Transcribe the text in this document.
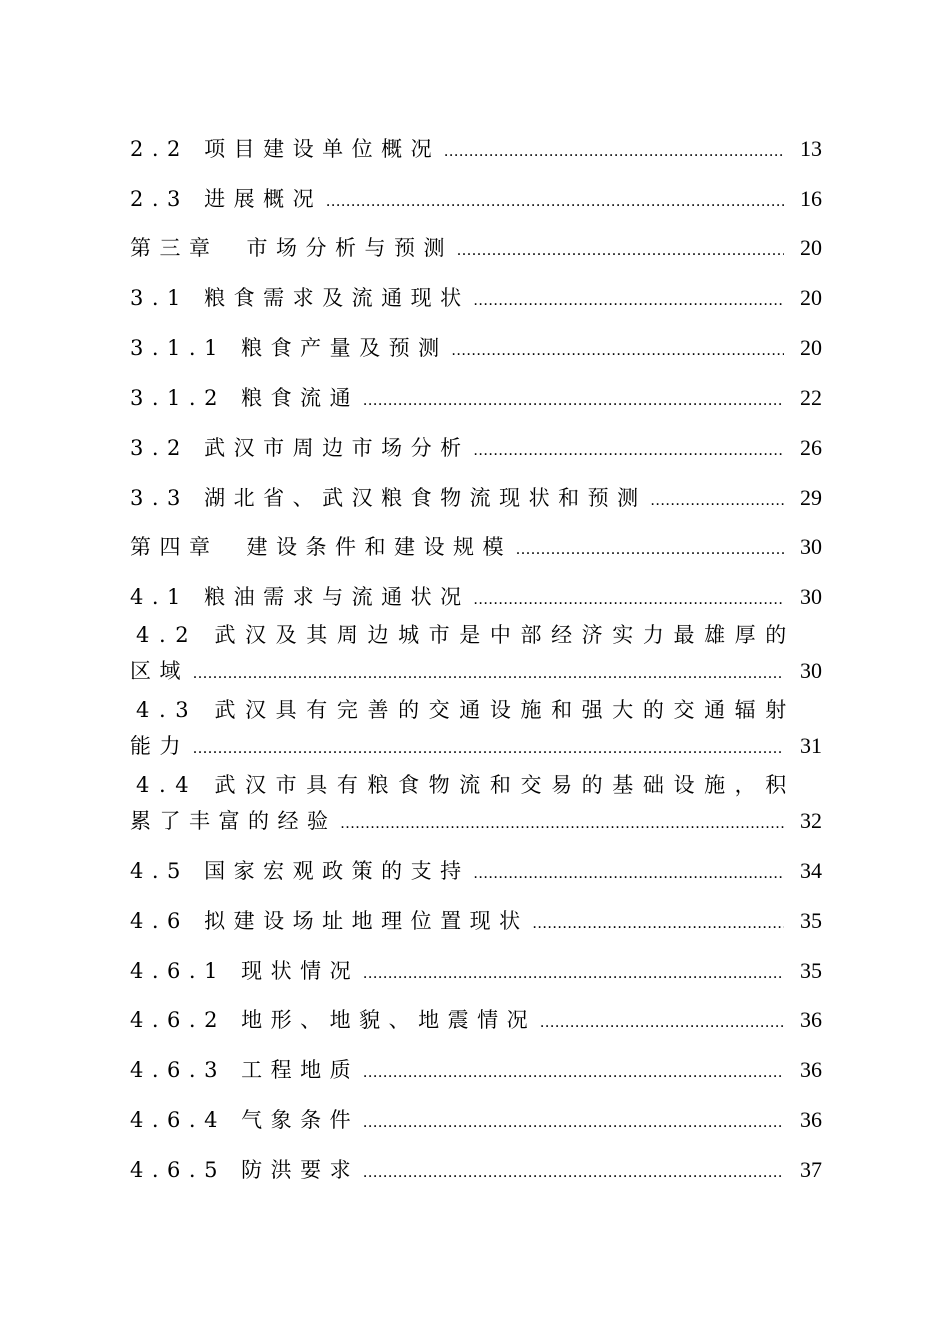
2.2 项目建设单位概况 .....	13
2.3 进展概况 .....	16
第三章 市场分析与预测 .....	20
3.1 粮食需求及流通现状 .....	20
3.1.1 粮食产量及预测 .....	20
3.1.2 粮食流通 .....	22
3.2 武汉市周边市场分析 .....	26
3.3 湖北省、武汉粮食物流现状和预测 .....	29
第四章 建设条件和建设规模 .....	30
4.1 粮油需求与流通状况 .....	30
4.2 武汉及其周边城市是中部经济实力最雄厚的
区域 .....	30
4.3 武汉具有完善的交通设施和强大的交通辐射
能力 .....	31
4.4 武汉市具有粮食物流和交易的基础设施，积
累了丰富的经验 .....	32
4.5 国家宏观政策的支持 .....	34
4.6 拟建设场址地理位置现状 .....	35
4.6.1 现状情况 .....	35
4.6.2 地形、地貌、地震情况 .....	36
4.6.3 工程地质 .....	36
4.6.4 气象条件 .....	36
4.6.5 防洪要求 .....	37
